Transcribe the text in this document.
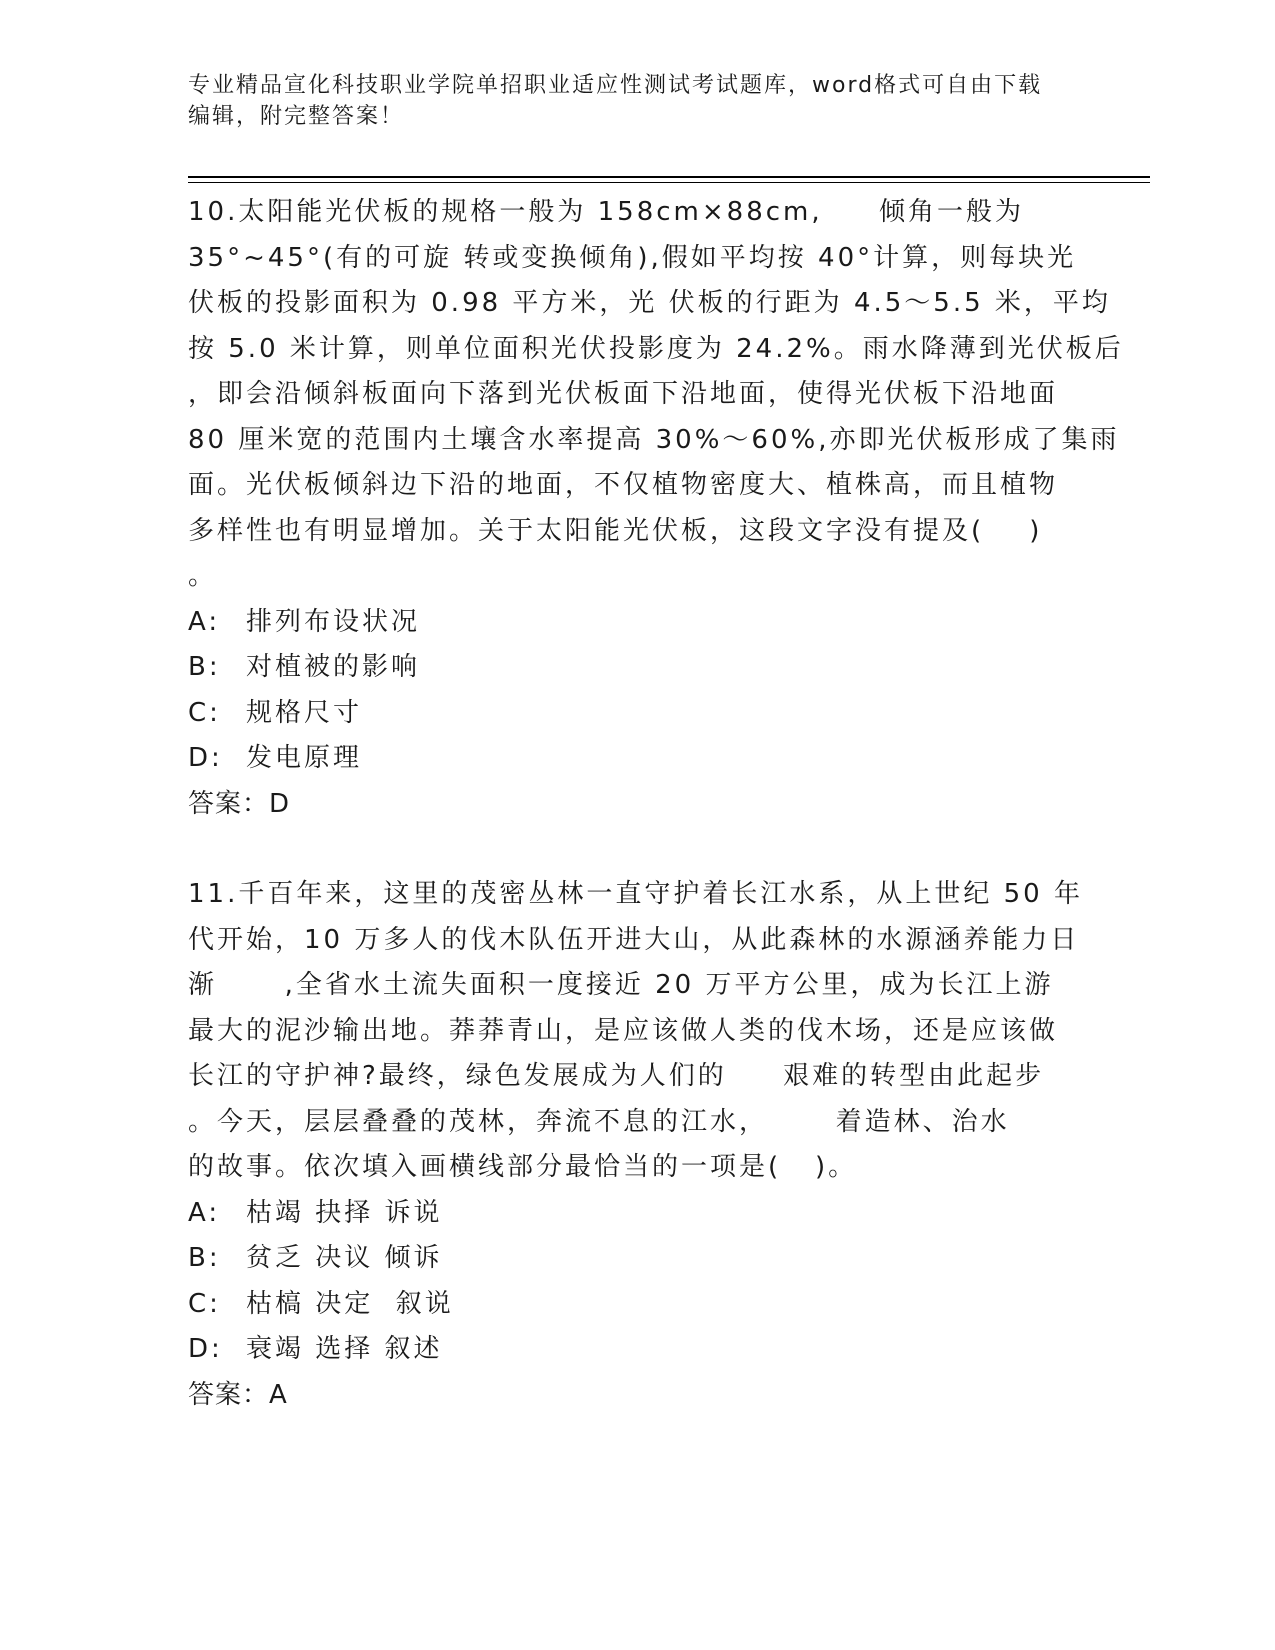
专业精品宣化科技职业学院单招职业适应性测试考试题库，word格式可自由下载
编辑，附完整答案！
10.太阳能光伏板的规格一般为 158cm×88cm,     倾角一般为
35°~45°(有的可旋 转或变换倾角),假如平均按 40°计算，则每块光
伏板的投影面积为 0.98 平方米，光 伏板的行距为 4.5～5.5 米，平均
按 5.0 米计算，则单位面积光伏投影度为 24.2%。雨水降薄到光伏板后
，即会沿倾斜板面向下落到光伏板面下沿地面，使得光伏板下沿地面
80 厘米宽的范围内土壤含水率提高 30%～60%,亦即光伏板形成了集雨
面。光伏板倾斜边下沿的地面，不仅植物密度大、植株高，而且植物
多样性也有明显增加。关于太阳能光伏板，这段文字没有提及(    )
。
A: 排列布设状况
B: 对植被的影响
C: 规格尺寸
D: 发电原理
答案：D
11.千百年来，这里的茂密丛林一直守护着长江水系，从上世纪 50 年
代开始，10 万多人的伐木队伍开进大山，从此森林的水源涵养能力日
渐      ,全省水土流失面积一度接近 20 万平方公里，成为长江上游
最大的泥沙输出地。莽莽青山，是应该做人类的伐木场，还是应该做
长江的守护神?最终，绿色发展成为人们的     艰难的转型由此起步
。今天，层层叠叠的茂林，奔流不息的江水，      着造林、治水
的故事。依次填入画横线部分最恰当的一项是(   )。
A: 枯竭 抉择 诉说
B: 贫乏 决议 倾诉
C: 枯槁 决定  叙说
D: 衰竭 选择 叙述
答案：A
